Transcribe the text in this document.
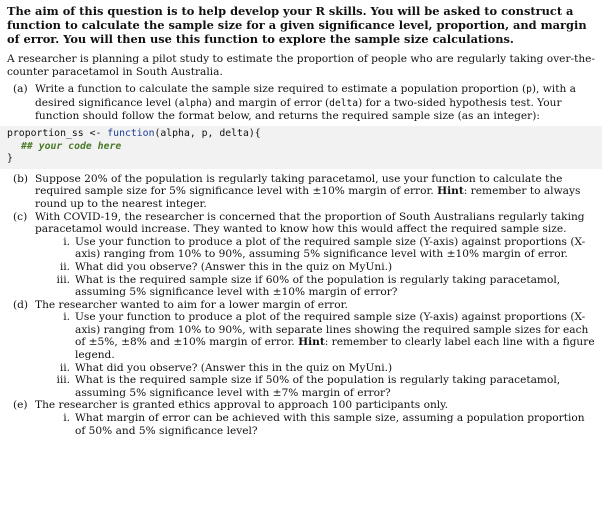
The aim of this question is to help develop your R skills. You will be asked to construct a function to calculate the sample size for a given significance level, proportion, and margin of error. You will then use this function to explore the sample size calculations.

A researcher is planning a pilot study to estimate the proportion of people who are regularly taking over-the-counter paracetamol in South Australia.

(a) Write a function to calculate the sample size required to estimate a population proportion (p), with a desired significance level (alpha) and margin of error (delta) for a two-sided hypothesis test. Your function should follow the format below, and returns the required sample size (as an integer):
proportion_ss <- function(alpha, p, delta){
## your code here
}
(b) Suppose 20% of the population is regularly taking paracetamol, use your function to calculate the required sample size for 5% significance level with ±10% margin of error. Hint: remember to always round up to the nearest integer.
(c) With COVID-19, the researcher is concerned that the proportion of South Australians regularly taking paracetamol would increase. They wanted to know how this would affect the required sample size.
i. Use your function to produce a plot of the required sample size (Y-axis) against proportions (X-axis) ranging from 10% to 90%, assuming 5% significance level with ±10% margin of error.
ii. What did you observe? (Answer this in the quiz on MyUni.)
iii. What is the required sample size if 60% of the population is regularly taking paracetamol, assuming 5% significance level with ±10% margin of error?
(d) The researcher wanted to aim for a lower margin of error.
i. Use your function to produce a plot of the required sample size (Y-axis) against proportions (X-axis) ranging from 10% to 90%, with separate lines showing the required sample sizes for each of ±5%, ±8% and ±10% margin of error. Hint: remember to clearly label each line with a figure legend.
ii. What did you observe? (Answer this in the quiz on MyUni.)
iii. What is the required sample size if 50% of the population is regularly taking paracetamol, assuming 5% significance level with ±7% margin of error?
(e) The researcher is granted ethics approval to approach 100 participants only.
i. What margin of error can be achieved with this sample size, assuming a population proportion of 50% and 5% significance level?
